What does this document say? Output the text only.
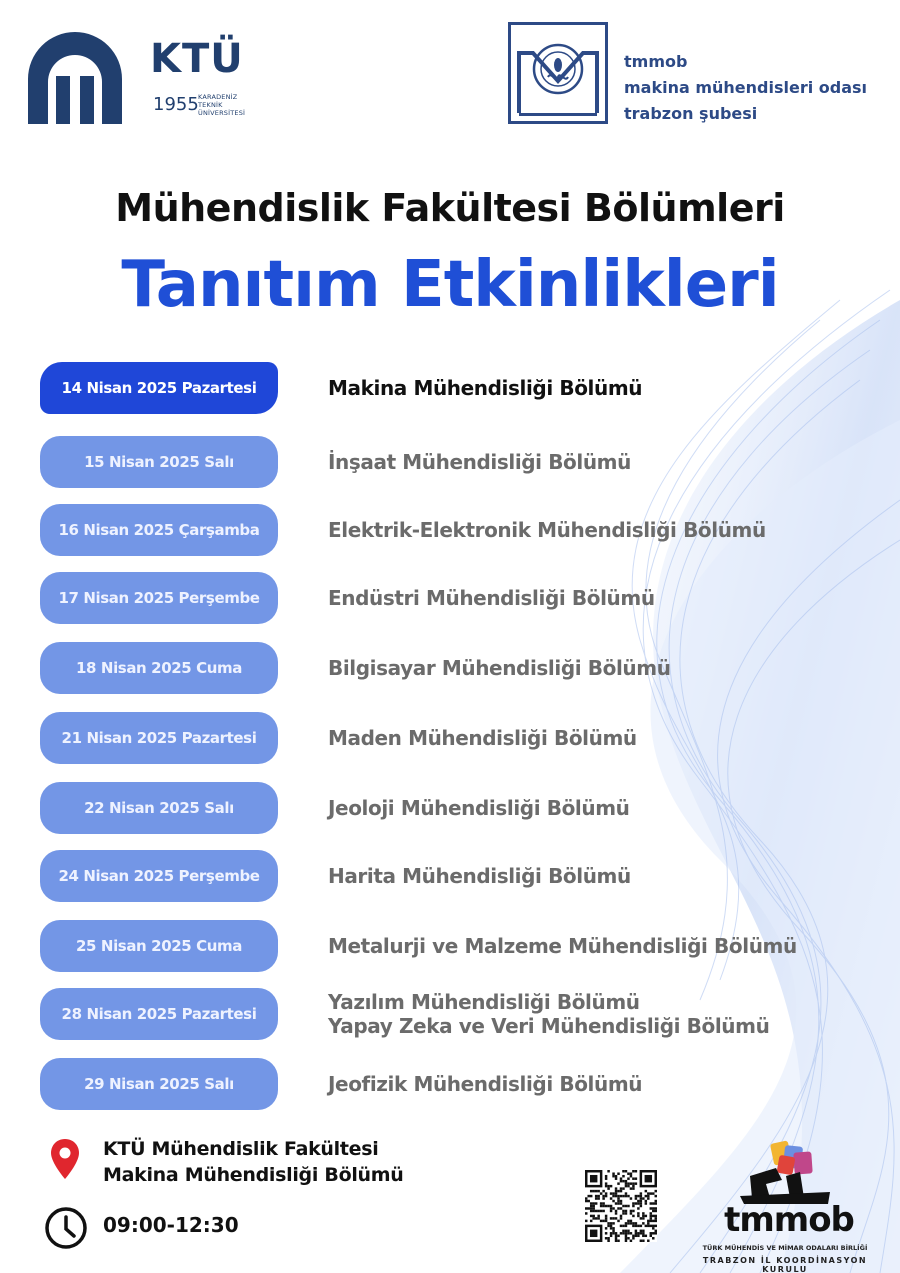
KTÜ
1955 KARADENİZ
TEKNİK ÜNİVERSİTESİ
tmmob
makina mühendisleri odası
trabzon şubesi
Mühendislik Fakültesi Bölümleri
Tanıtım Etkinlikleri
14 Nisan 2025 Pazartesi	Makina Mühendisliği Bölümü
15 Nisan 2025 Salı	İnşaat Mühendisliği Bölümü
16 Nisan 2025 Çarşamba	Elektrik-Elektronik Mühendisliği Bölümü
17 Nisan 2025 Perşembe	Endüstri Mühendisliği Bölümü
18 Nisan 2025 Cuma	Bilgisayar Mühendisliği Bölümü
21 Nisan 2025 Pazartesi	Maden Mühendisliği Bölümü
22 Nisan 2025 Salı	Jeoloji Mühendisliği Bölümü
24 Nisan 2025 Perşembe	Harita Mühendisliği Bölümü
25 Nisan 2025 Cuma	Metalurji ve Malzeme Mühendisliği Bölümü
28 Nisan 2025 Pazartesi	Yazılım Mühendisliği Bölümü
Yapay Zeka ve Veri Mühendisliği Bölümü
29 Nisan 2025 Salı	Jeofizik Mühendisliği Bölümü
KTÜ Mühendislik Fakültesi
Makina Mühendisliği Bölümü
09:00-12:30	tmmob
TÜRK MÜHENDİS VE MİMAR ODALARI BİRLİĞİ
TRABZON İL KOORDİNASYON KURULU
